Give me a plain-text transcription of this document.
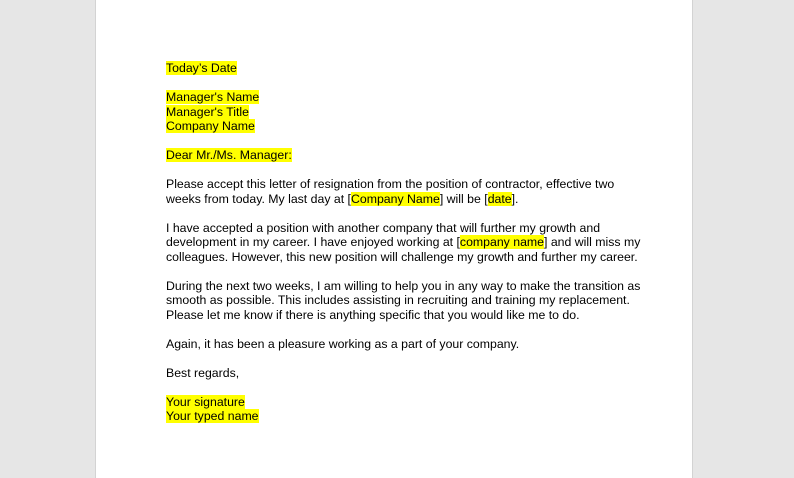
Today’s Date
Manager's Name
Manager's Title
Company Name
Dear Mr./Ms. Manager:
Please accept this letter of resignation from the position of contractor, effective two
weeks from today. My last day at [Company Name] will be [date].
I have accepted a position with another company that will further my growth and
development in my career. I have enjoyed working at [company name] and will miss my
colleagues. However, this new position will challenge my growth and further my career.
During the next two weeks, I am willing to help you in any way to make the transition as
smooth as possible. This includes assisting in recruiting and training my replacement.
Please let me know if there is anything specific that you would like me to do.
Again, it has been a pleasure working as a part of your company.
Best regards,
Your signature
Your typed name
